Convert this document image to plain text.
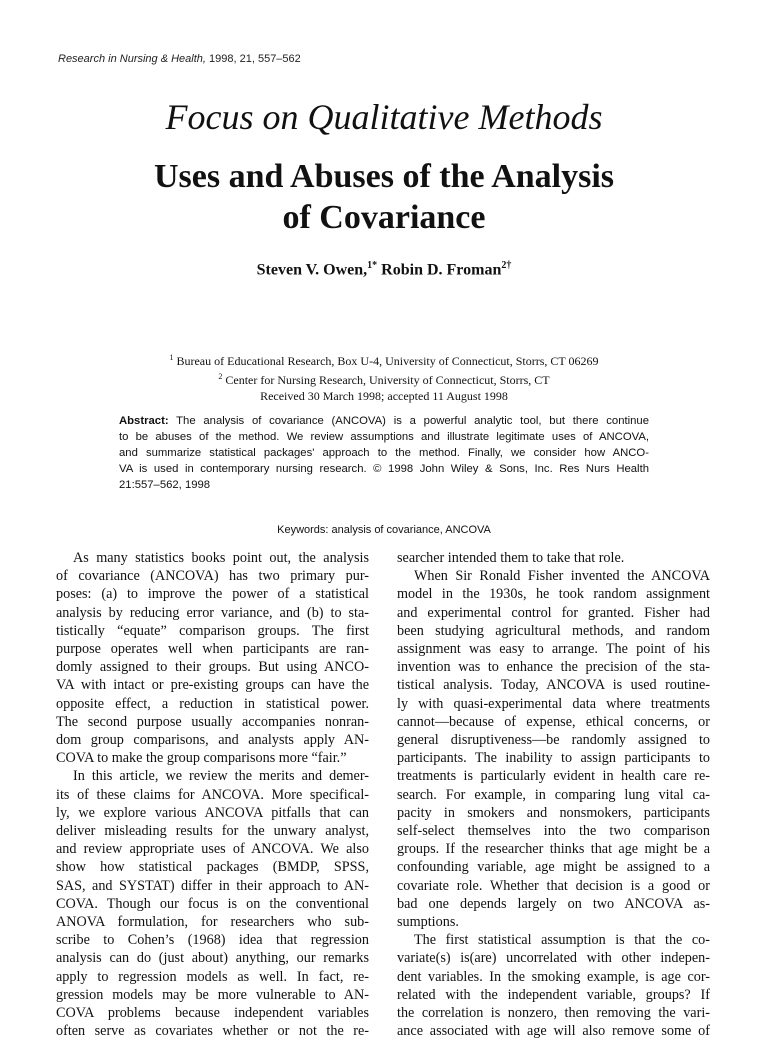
Research in Nursing & Health, 1998, 21, 557–562
Focus on Qualitative Methods
Uses and Abuses of the Analysis
of Covariance
Steven V. Owen,$^{1*}$ Robin D. Froman$^{2\dagger}$
$^1$ Bureau of Educational Research, Box U-4, University of Connecticut, Storrs, CT 06269
$^2$ Center for Nursing Research, University of Connecticut, Storrs, CT
Received 30 March 1998; accepted 11 August 1998
Abstract: The analysis of covariance (ANCOVA) is a powerful analytic tool, but there continue
to be abuses of the method. We review assumptions and illustrate legitimate uses of ANCOVA,
and summarize statistical packages' approach to the method. Finally, we consider how ANCO-
VA is used in contemporary nursing research. © 1998 John Wiley & Sons, Inc. Res Nurs Health
21:557–562, 1998
Keywords: analysis of covariance, ANCOVA
As many statistics books point out, the analysis
of covariance (ANCOVA) has two primary pur-
poses: (a) to improve the power of a statistical
analysis by reducing error variance, and (b) to sta-
tistically “equate” comparison groups. The first
purpose operates well when participants are ran-
domly assigned to their groups. But using ANCO-
VA with intact or pre-existing groups can have the
opposite effect, a reduction in statistical power.
The second purpose usually accompanies nonran-
dom group comparisons, and analysts apply AN-
COVA to make the group comparisons more “fair.”
In this article, we review the merits and demer-
its of these claims for ANCOVA. More specifical-
ly, we explore various ANCOVA pitfalls that can
deliver misleading results for the unwary analyst,
and review appropriate uses of ANCOVA. We also
show how statistical packages (BMDP, SPSS,
SAS, and SYSTAT) differ in their approach to AN-
COVA. Though our focus is on the conventional
ANOVA formulation, for researchers who sub-
scribe to Cohen’s (1968) idea that regression
analysis can do (just about) anything, our remarks
apply to regression models as well. In fact, re-
gression models may be more vulnerable to AN-
COVA problems because independent variables
often serve as covariates whether or not the re-
searcher intended them to take that role.
When Sir Ronald Fisher invented the ANCOVA
model in the 1930s, he took random assignment
and experimental control for granted. Fisher had
been studying agricultural methods, and random
assignment was easy to arrange. The point of his
invention was to enhance the precision of the sta-
tistical analysis. Today, ANCOVA is used routine-
ly with quasi-experimental data where treatments
cannot—because of expense, ethical concerns, or
general disruptiveness—be randomly assigned to
participants. The inability to assign participants to
treatments is particularly evident in health care re-
search. For example, in comparing lung vital ca-
pacity in smokers and nonsmokers, participants
self-select themselves into the two comparison
groups. If the researcher thinks that age might be a
confounding variable, age might be assigned to a
covariate role. Whether that decision is a good or
bad one depends largely on two ANCOVA as-
sumptions.
The first statistical assumption is that the co-
variate(s) is(are) uncorrelated with other indepen-
dent variables. In the smoking example, is age cor-
related with the independent variable, groups? If
the correlation is nonzero, then removing the vari-
ance associated with age will also remove some of
